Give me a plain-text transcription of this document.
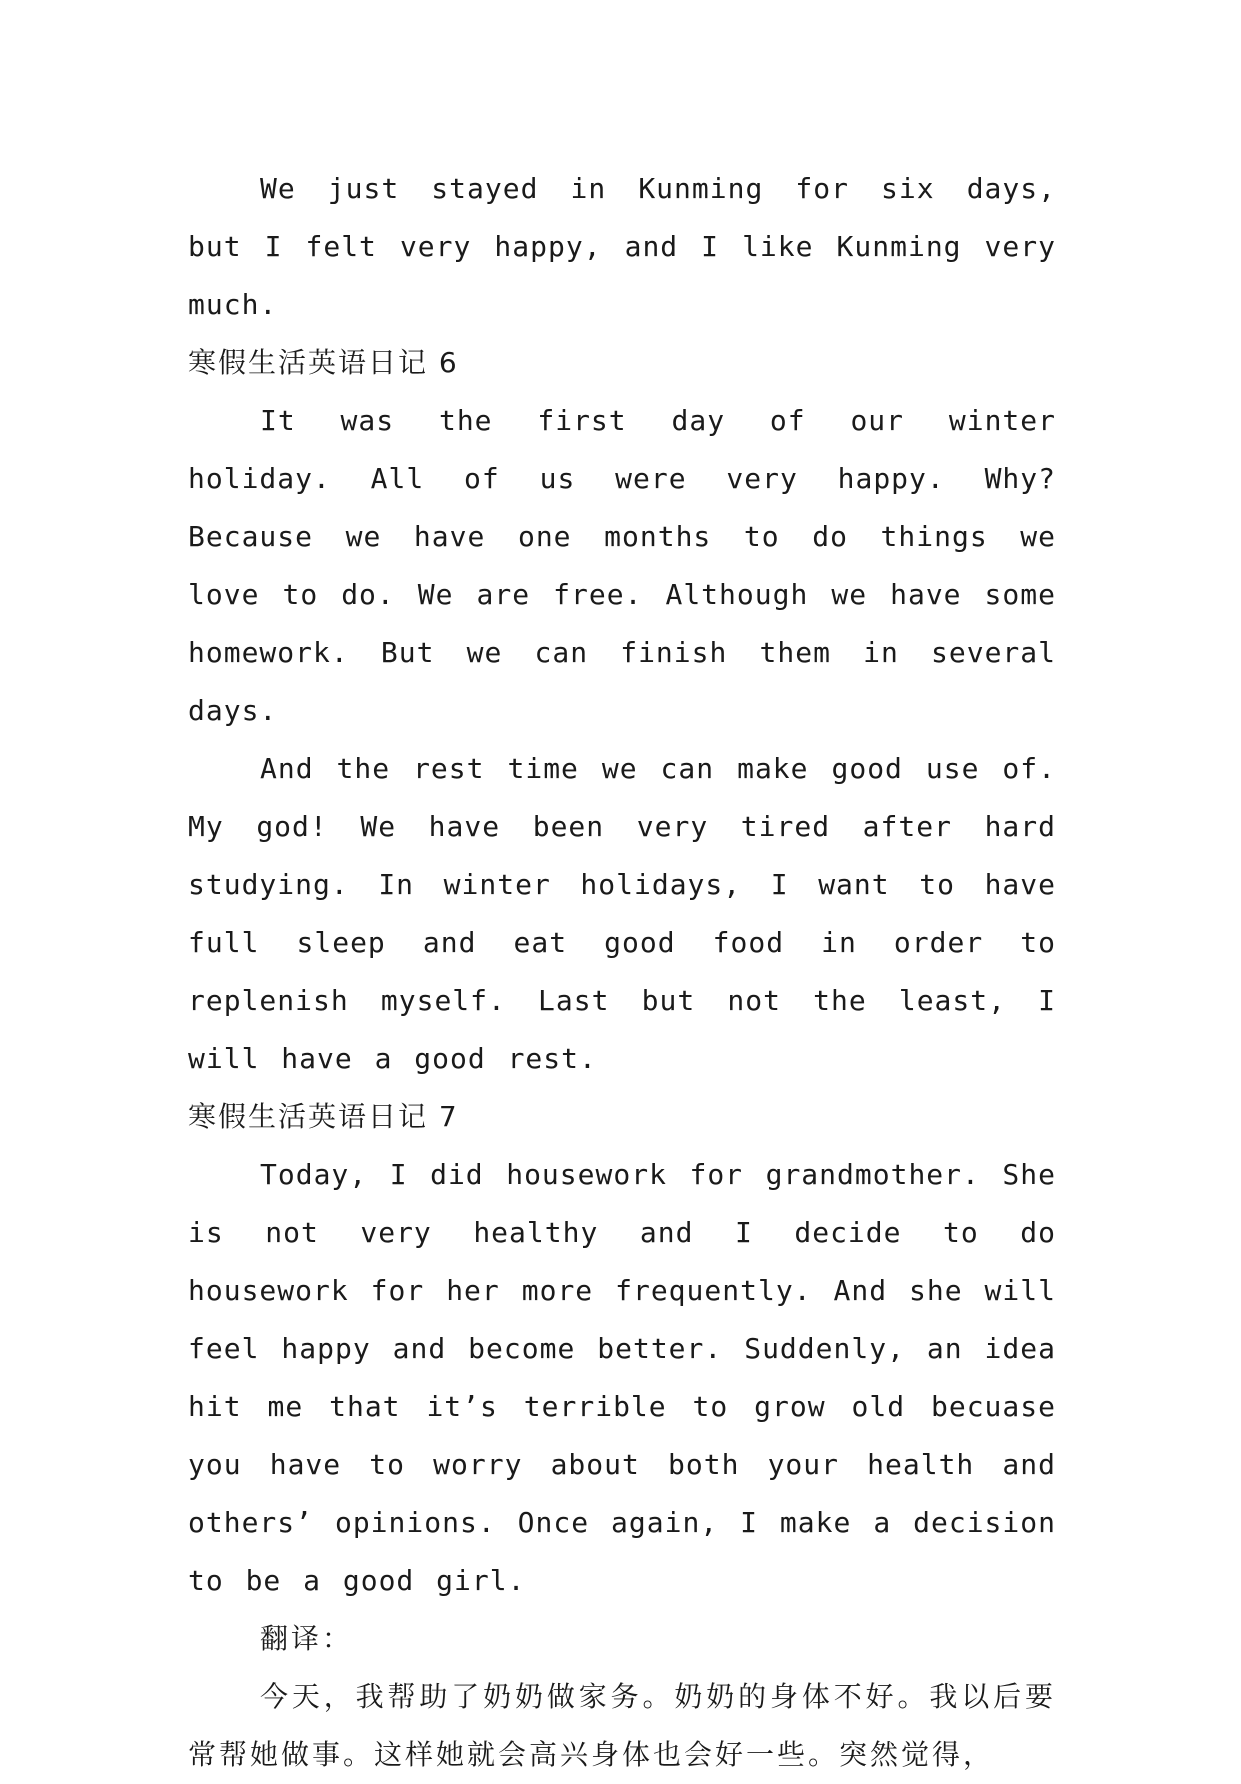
We just stayed in Kunming for six days, but I felt very happy, and I like Kunming very much.

寒假生活英语日记 6

It was the first day of our winter holiday. All of us were very happy. Why? Because we have one months to do things we love to do. We are free. Although we have some homework. But we can finish them in several days.

And the rest time we can make good use of. My god! We have been very tired after hard studying. In winter holidays, I want to have full sleep and eat good food in order to replenish myself. Last but not the least, I will have a good rest.

寒假生活英语日记 7

Today, I did housework for grandmother. She is not very healthy and I decide to do housework for her more frequently. And she will feel happy and become better. Suddenly, an idea hit me that it’s terrible to grow old becuase you have to worry about both your health and others’ opinions. Once again, I make a decision to be a good girl.

翻译：

今天，我帮助了奶奶做家务。奶奶的身体不好。我以后要常帮她做事。这样她就会高兴身体也会好一些。突然觉得，
